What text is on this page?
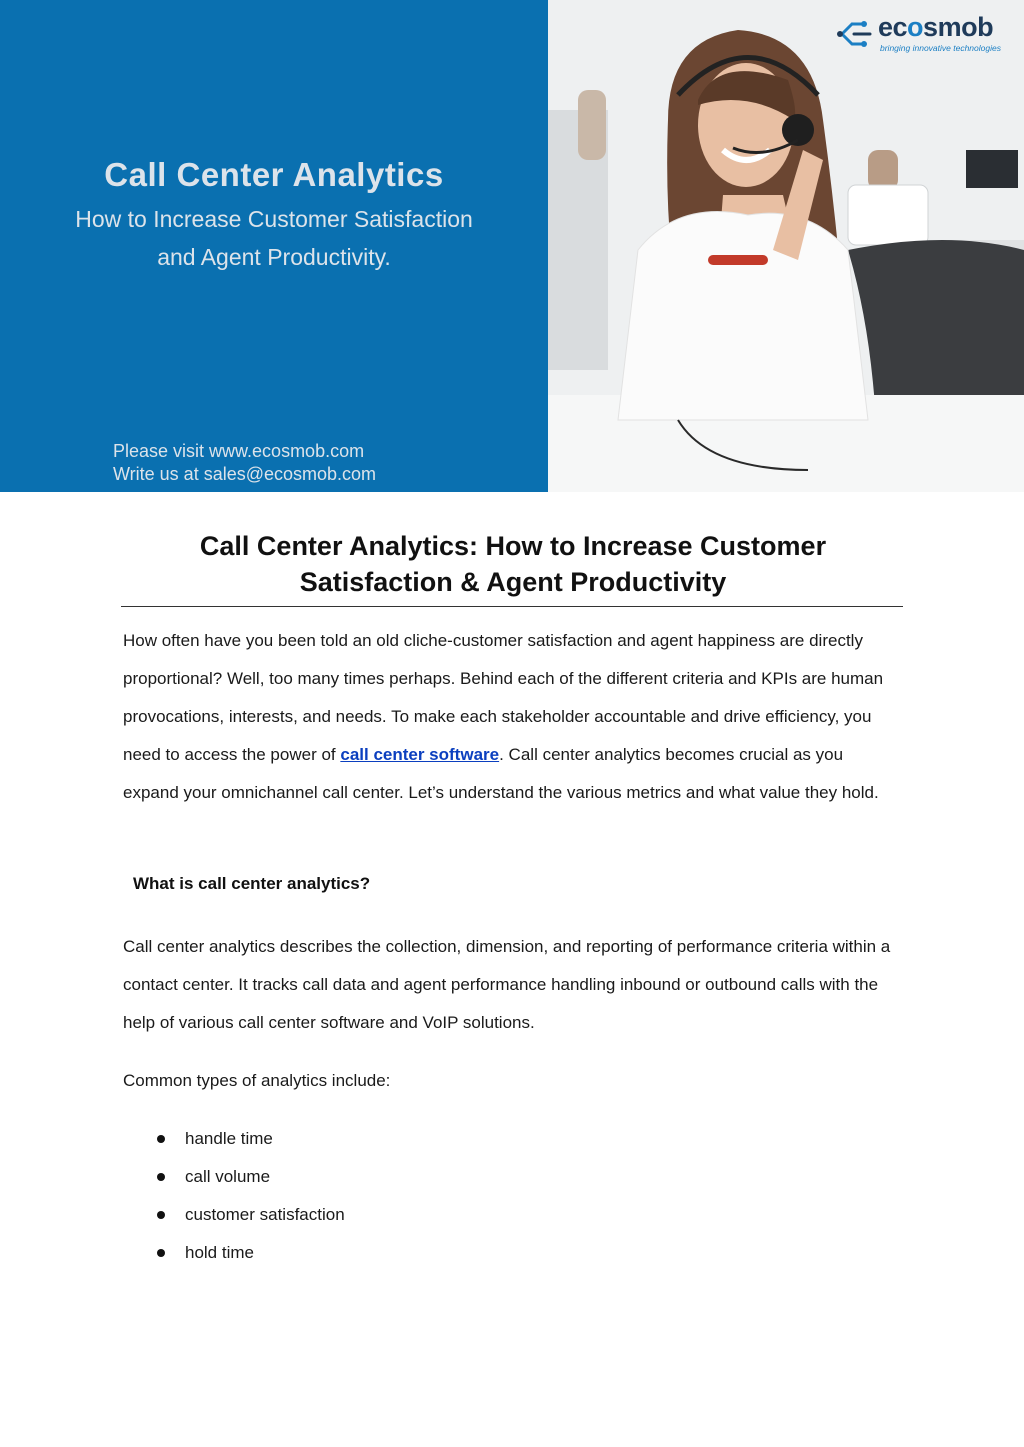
Call Center Analytics
How to Increase Customer Satisfaction
and Agent Productivity.
Please visit www.ecosmob.com
Write us at sales@ecosmob.com
ecosmob
bringing innovative technologies
Call Center Analytics: How to Increase Customer Satisfaction & Agent Productivity
How often have you been told an old cliche-customer satisfaction and agent happiness are directly proportional? Well, too many times perhaps. Behind each of the different criteria and KPIs are human provocations, interests, and needs. To make each stakeholder accountable and drive efficiency, you need to access the power of call center software. Call center analytics becomes crucial as you expand your omnichannel call center. Let’s understand the various metrics and what value they hold.
What is call center analytics?
Call center analytics describes the collection, dimension, and reporting of performance criteria within a contact center. It tracks call data and agent performance handling inbound or outbound calls with the help of various call center software and VoIP solutions.
Common types of analytics include:
handle time
call volume
customer satisfaction
hold time
